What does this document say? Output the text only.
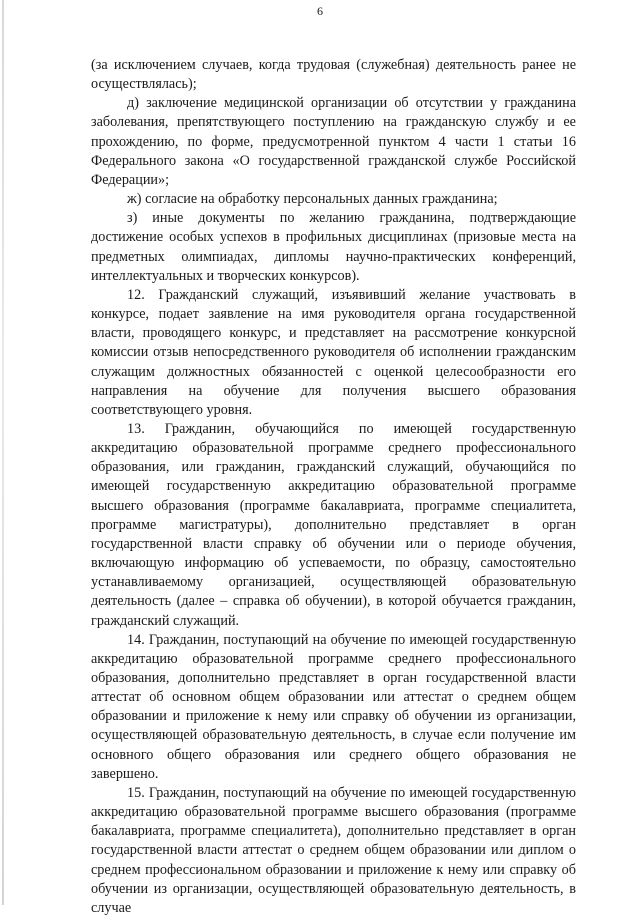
6

(за исключением случаев, когда трудовая (служебная) деятельность ранее не осуществлялась);

д) заключение медицинской организации об отсутствии у гражданина заболевания, препятствующего поступлению на гражданскую службу и ее прохождению, по форме, предусмотренной пунктом 4 части 1 статьи 16 Федерального закона «О государственной гражданской службе Российской Федерации»;

ж) согласие на обработку персональных данных гражданина;

з) иные документы по желанию гражданина, подтверждающие достижение особых успехов в профильных дисциплинах (призовые места на предметных олимпиадах, дипломы научно-практических конференций, интеллектуальных и творческих конкурсов).

12. Гражданский служащий, изъявивший желание участвовать в конкурсе, подает заявление на имя руководителя органа государственной власти, проводящего конкурс, и представляет на рассмотрение конкурсной комиссии отзыв непосредственного руководителя об исполнении гражданским служащим должностных обязанностей с оценкой целесообразности его направления на обучение для получения высшего образования соответствующего уровня.

13. Гражданин, обучающийся по имеющей государственную аккредитацию образовательной программе среднего профессионального образования, или гражданин, гражданский служащий, обучающийся по имеющей государственную аккредитацию образовательной программе высшего образования (программе бакалавриата, программе специалитета, программе магистратуры), дополнительно представляет в орган государственной власти справку об обучении или о периоде обучения, включающую информацию об успеваемости, по образцу, самостоятельно устанавливаемому организацией, осуществляющей образовательную деятельность (далее – справка об обучении), в которой обучается гражданин, гражданский служащий.

14. Гражданин, поступающий на обучение по имеющей государственную аккредитацию образовательной программе среднего профессионального образования, дополнительно представляет в орган государственной власти аттестат об основном общем образовании или аттестат о среднем общем образовании и приложение к нему или справку об обучении из организации, осуществляющей образовательную деятельность, в случае если получение им основного общего образования или среднего общего образования не завершено.

15. Гражданин, поступающий на обучение по имеющей государственную аккредитацию образовательной программе высшего образования (программе бакалавриата, программе специалитета), дополнительно представляет в орган государственной власти аттестат о среднем общем образовании или диплом о среднем профессиональном образовании и приложение к нему или справку об обучении из организации, осуществляющей образовательную деятельность, в случае
